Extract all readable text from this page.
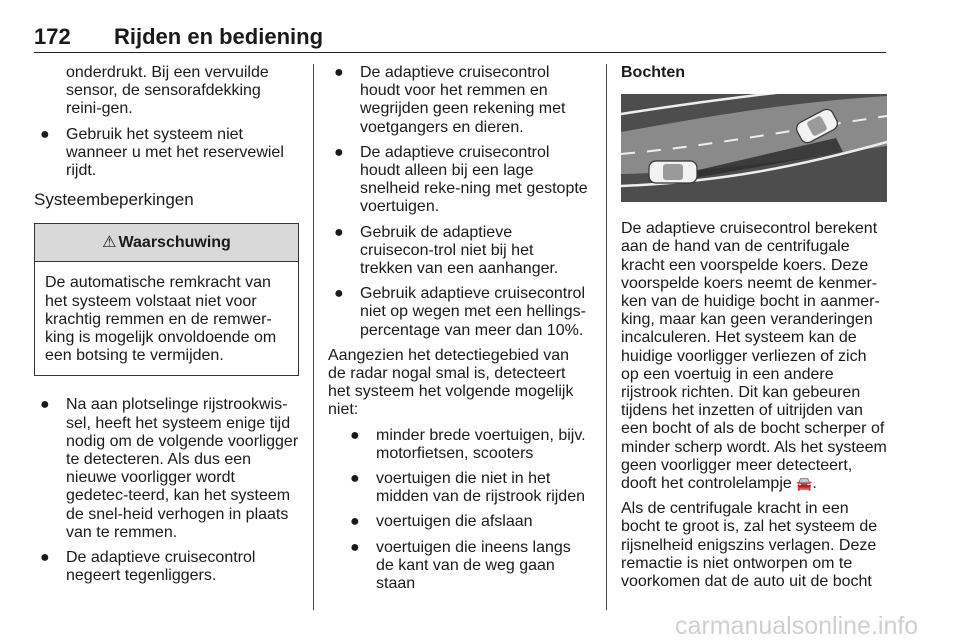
172 Rijden en bediening

onderdrukt. Bij een vervuilde sensor, de sensorafdekking reini-gen.

● Gebruik het systeem niet wanneer u met het reservewiel rijdt.
Systeembeperkingen
⚠ Waarschuwing
De automatische remkracht van het systeem volstaat niet voor krachtig remmen en de remwer-king is mogelijk onvoldoende om een botsing te vermijden.
● Na aan plotselinge rijstrookwis-sel, heeft het systeem enige tijd nodig om de volgende voorligger te detecteren. Als dus een nieuwe voorligger wordt gedetec-teerd, kan het systeem de snel-heid verhogen in plaats van te remmen.
● De adaptieve cruisecontrol negeert tegenliggers.
● De adaptieve cruisecontrol houdt voor het remmen en wegrijden geen rekening met voetgangers en dieren.
● De adaptieve cruisecontrol houdt alleen bij een lage snelheid reke-ning met gestopte voertuigen.
● Gebruik de adaptieve cruisecon-trol niet bij het trekken van een aanhanger.
● Gebruik adaptieve cruisecontrol niet op wegen met een hellings-percentage van meer dan 10%.

Aangezien het detectiegebied van de radar nogal smal is, detecteert het systeem het volgende mogelijk niet:

● minder brede voertuigen, bijv. motorfietsen, scooters
● voertuigen die niet in het midden van de rijstrook rijden
● voertuigen die afslaan
● voertuigen die ineens langs de kant van de weg gaan staan
Bochten

De adaptieve cruisecontrol berekent aan de hand van de centrifugale kracht een voorspelde koers. Deze voorspelde koers neemt de kenmer-ken van de huidige bocht in aanmer-king, maar kan geen veranderingen incalculeren. Het systeem kan de huidige voorligger verliezen of zich op een voertuig in een andere rijstrook richten. Dit kan gebeuren tijdens het inzetten of uitrijden van een bocht of als de bocht scherper of minder scherp wordt. Als het systeem geen voorligger meer detecteert, dooft het controlelampje 🚘.

Als de centrifugale kracht in een bocht te groot is, zal het systeem de rijsnelheid enigszins verlagen. Deze remactie is niet ontworpen om te voorkomen dat de auto uit de bocht

carmanualsonline.info
